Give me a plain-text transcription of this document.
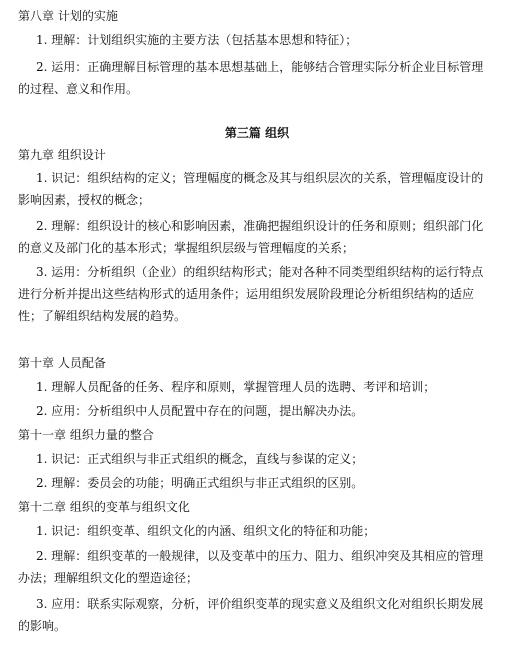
第八章 计划的实施

1. 理解：计划组织实施的主要方法（包括基本思想和特征）；

2. 运用：正确理解目标管理的基本思想基础上，能够结合管理实际分析企业目标管理
的过程、意义和作用。

第三篇 组织

第九章 组织设计

1. 识记：组织结构的定义；管理幅度的概念及其与组织层次的关系，管理幅度设计的
影响因素，授权的概念；
2. 理解：组织设计的核心和影响因素，准确把握组织设计的任务和原则；组织部门化
的意义及部门化的基本形式；掌握组织层级与管理幅度的关系；
3. 运用：分析组织（企业）的组织结构形式；能对各种不同类型组织结构的运行特点
进行分析并提出这些结构形式的适用条件；运用组织发展阶段理论分析组织结构的适应
性；了解组织结构发展的趋势。

第十章 人员配备

1. 理解人员配备的任务、程序和原则，掌握管理人员的选聘、考评和培训；

2. 应用：分析组织中人员配置中存在的问题，提出解决办法。

第十一章 组织力量的整合

1. 识记：正式组织与非正式组织的概念，直线与参谋的定义；

2. 理解：委员会的功能；明确正式组织与非正式组织的区别。

第十二章 组织的变革与组织文化

1. 识记：组织变革、组织文化的内涵、组织文化的特征和功能；

2. 理解：组织变革的一般规律，以及变革中的压力、阻力、组织冲突及其相应的管理
办法；理解组织文化的塑造途径；
3. 应用：联系实际观察，分析，评价组织变革的现实意义及组织文化对组织长期发展
的影响。
